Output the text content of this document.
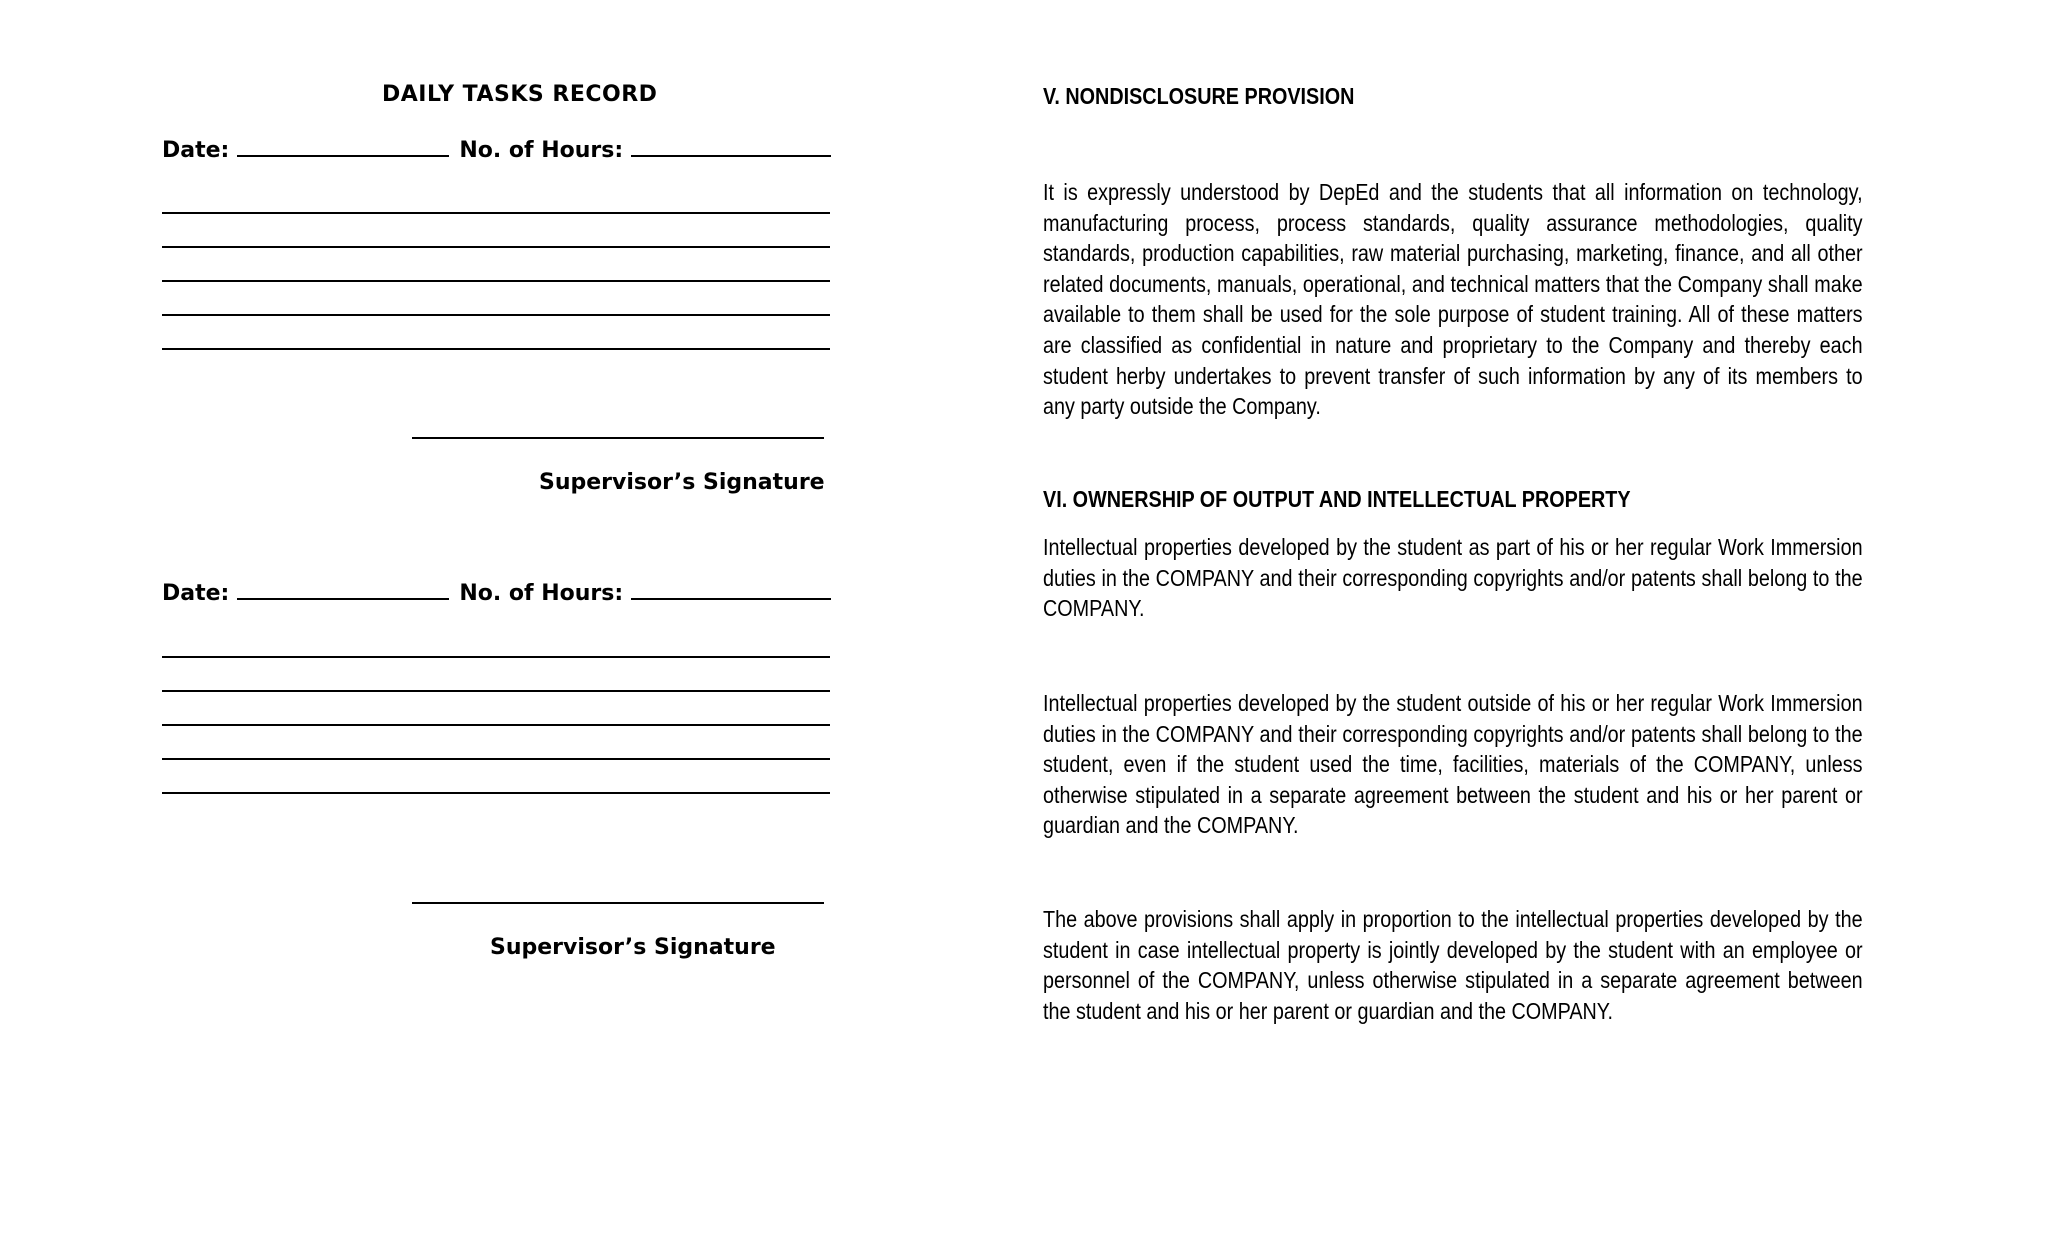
DAILY TASKS RECORD
Date:	No. of Hours:
Supervisor’s Signature
Date:	No. of Hours:
Supervisor’s Signature
V. NONDISCLOSURE PROVISION
It is expressly understood by DepEd and the students that all information on technology, manufacturing process, process standards, quality assurance methodologies, quality standards, production capabilities, raw material purchasing, marketing, finance, and all other related documents, manuals, operational, and technical matters that the Company shall make available to them shall be used for the sole purpose of student training. All of these matters are classified as confidential in nature and proprietary to the Company and thereby each student herby undertakes to prevent transfer of such information by any of its members to any party outside the Company.
VI. OWNERSHIP OF OUTPUT AND INTELLECTUAL PROPERTY
Intellectual properties developed by the student as part of his or her regular Work Immersion duties in the COMPANY and their corresponding copyrights and/or patents shall belong to the COMPANY.
Intellectual properties developed by the student outside of his or her regular Work Immersion duties in the COMPANY and their corresponding copyrights and/or patents shall belong to the student, even if the student used the time, facilities, materials of the COMPANY, unless otherwise stipulated in a separate agreement between the student and his or her parent or guardian and the COMPANY.
The above provisions shall apply in proportion to the intellectual properties developed by the student in case intellectual property is jointly developed by the student with an employee or personnel of the COMPANY, unless otherwise stipulated in a separate agreement between the student and his or her parent or guardian and the COMPANY.
